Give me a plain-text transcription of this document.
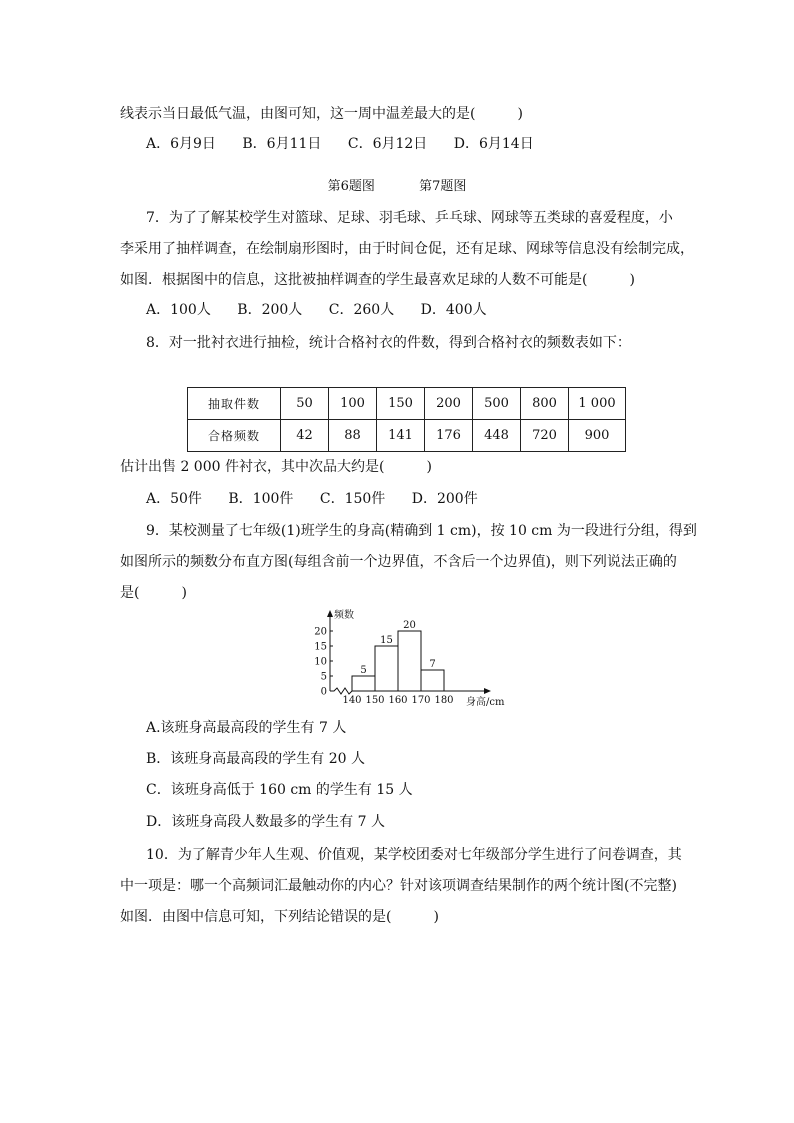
线表示当日最低气温，由图可知，这一周中温差最大的是(　　　)
A．6月9日 B．6月11日 C．6月12日 D．6月14日
第6题图	第7题图
7．为了了解某校学生对篮球、足球、羽毛球、乒乓球、网球等五类球的喜爱程度，小
李采用了抽样调查，在绘制扇形图时，由于时间仓促，还有足球、网球等信息没有绘制完成，
如图．根据图中的信息，这批被抽样调查的学生最喜欢足球的人数不可能是(　　　)
A．100人 B．200人 C．260人 D．400人
8．对一批衬衣进行抽检，统计合格衬衣的件数，得到合格衬衣的频数表如下：
抽取件数	50	100	150	200	500	800	1 000
合格频数	42	88	141	176	448	720	900
估计出售 2 000 件衬衣，其中次品大约是(　　　)
A．50件 B．100件 C．150件 D．200件
9．某校测量了七年级(1)班学生的身高(精确到 1 cm)，按 10 cm 为一段进行分组，得到
如图所示的频数分布直方图(每组含前一个边界值，不含后一个边界值)，则下列说法正确的
是(　　　)
0
5
10
15
20
频数
5
15
20
7
140 150 160 170 180 身高/cm
A.该班身高最高段的学生有 7 人
B．该班身高最高段的学生有 20 人
C．该班身高低于 160 cm 的学生有 15 人
D．该班身高段人数最多的学生有 7 人
10．为了解青少年人生观、价值观，某学校团委对七年级部分学生进行了问卷调查，其
中一项是：哪一个高频词汇最触动你的内心？针对该项调查结果制作的两个统计图(不完整)
如图．由图中信息可知，下列结论错误的是(　　　)
